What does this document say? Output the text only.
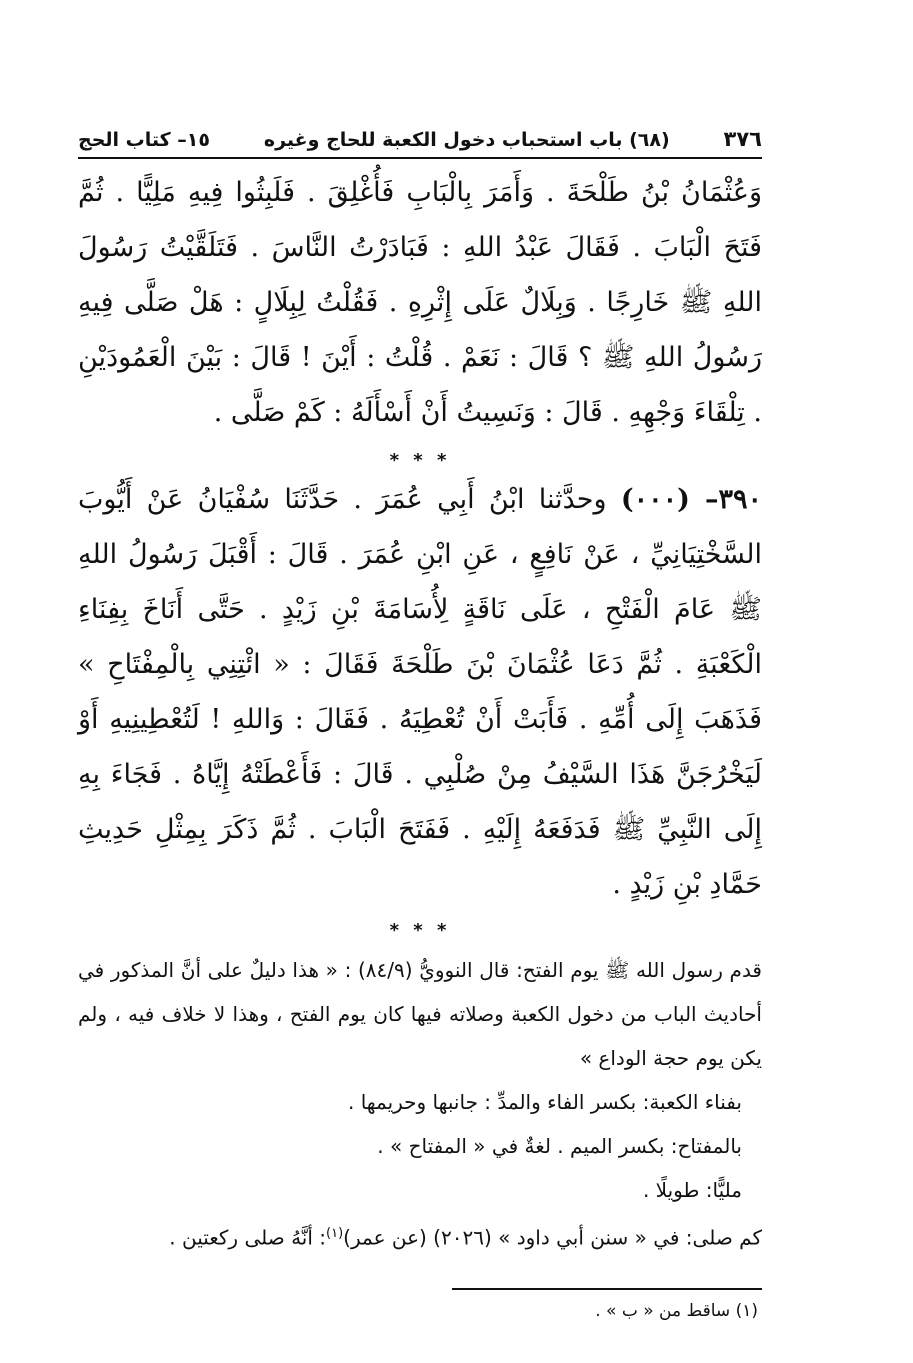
٣٧٦
(٦٨) باب استحباب دخول الكعبة للحاج وغيره
١٥– كتاب الحج

وَعُثْمَانُ بْنُ طَلْحَةَ . وَأَمَرَ بِالْبَابِ فَأُغْلِقَ . فَلَبِثُوا فِيهِ مَلِيًّا . ثُمَّ فَتَحَ الْبَابَ . فَقَالَ عَبْدُ اللهِ : فَبَادَرْتُ النَّاسَ . فَتَلَقَّيْتُ رَسُولَ اللهِ ﷺ خَارِجًا . وَبِلَالٌ عَلَى إِثْرِهِ . فَقُلْتُ لِبِلَالٍ : هَلْ صَلَّى فِيهِ رَسُولُ اللهِ ﷺ ؟ قَالَ : نَعَمْ . قُلْتُ : أَيْنَ ! قَالَ : بَيْنَ الْعَمُودَيْنِ . تِلْقَاءَ وَجْهِهِ . قَالَ : وَنَسِيتُ أَنْ أَسْأَلَهُ : كَمْ صَلَّى .

* * *

٣٩٠– (٠٠٠) وحدَّثنا ابْنُ أَبِي عُمَرَ . حَدَّثَنَا سُفْيَانُ عَنْ أَيُّوبَ السَّخْتِيَانِيِّ ، عَنْ نَافِعٍ ، عَنِ ابْنِ عُمَرَ . قَالَ : أَقْبَلَ رَسُولُ اللهِ ﷺ عَامَ الْفَتْحِ ، عَلَى نَاقَةٍ لِأُسَامَةَ بْنِ زَيْدٍ . حَتَّى أَنَاخَ بِفِنَاءِ الْكَعْبَةِ . ثُمَّ دَعَا عُثْمَانَ بْنَ طَلْحَةَ فَقَالَ : « ائْتِنِي بِالْمِفْتَاحِ » فَذَهَبَ إِلَى أُمِّهِ . فَأَبَتْ أَنْ تُعْطِيَهُ . فَقَالَ : وَاللهِ ! لَتُعْطِينِيهِ أَوْ لَيَخْرُجَنَّ هَذَا السَّيْفُ مِنْ صُلْبِي . قَالَ : فَأَعْطَتْهُ إِيَّاهُ . فَجَاءَ بِهِ إِلَى النَّبِيِّ ﷺ فَدَفَعَهُ إِلَيْهِ . فَفَتَحَ الْبَابَ . ثُمَّ ذَكَرَ بِمِثْلِ حَدِيثِ حَمَّادِ بْنِ زَيْدٍ .

* * *

قدم رسول الله ﷺ يوم الفتح: قال النوويُّ (٨٤/٩) : « هذا دليلٌ على أنَّ المذكور في أحاديث الباب من دخول الكعبة وصلاته فيها كان يوم الفتح ، وهذا لا خلاف فيه ، ولم يكن يوم حجة الوداع »

بفناء الكعبة: بكسر الفاء والمدِّ : جانبها وحريمها .

بالمفتاح: بكسر الميم . لغةٌ في « المفتاح » .

مليًّا: طويلًا .

كم صلى: في « سنن أبي داود » (٢٠٢٦) (عن عمر)$^{(١)}$: أنَّهُ صلى ركعتين .

(١) ساقط من « ب » .
